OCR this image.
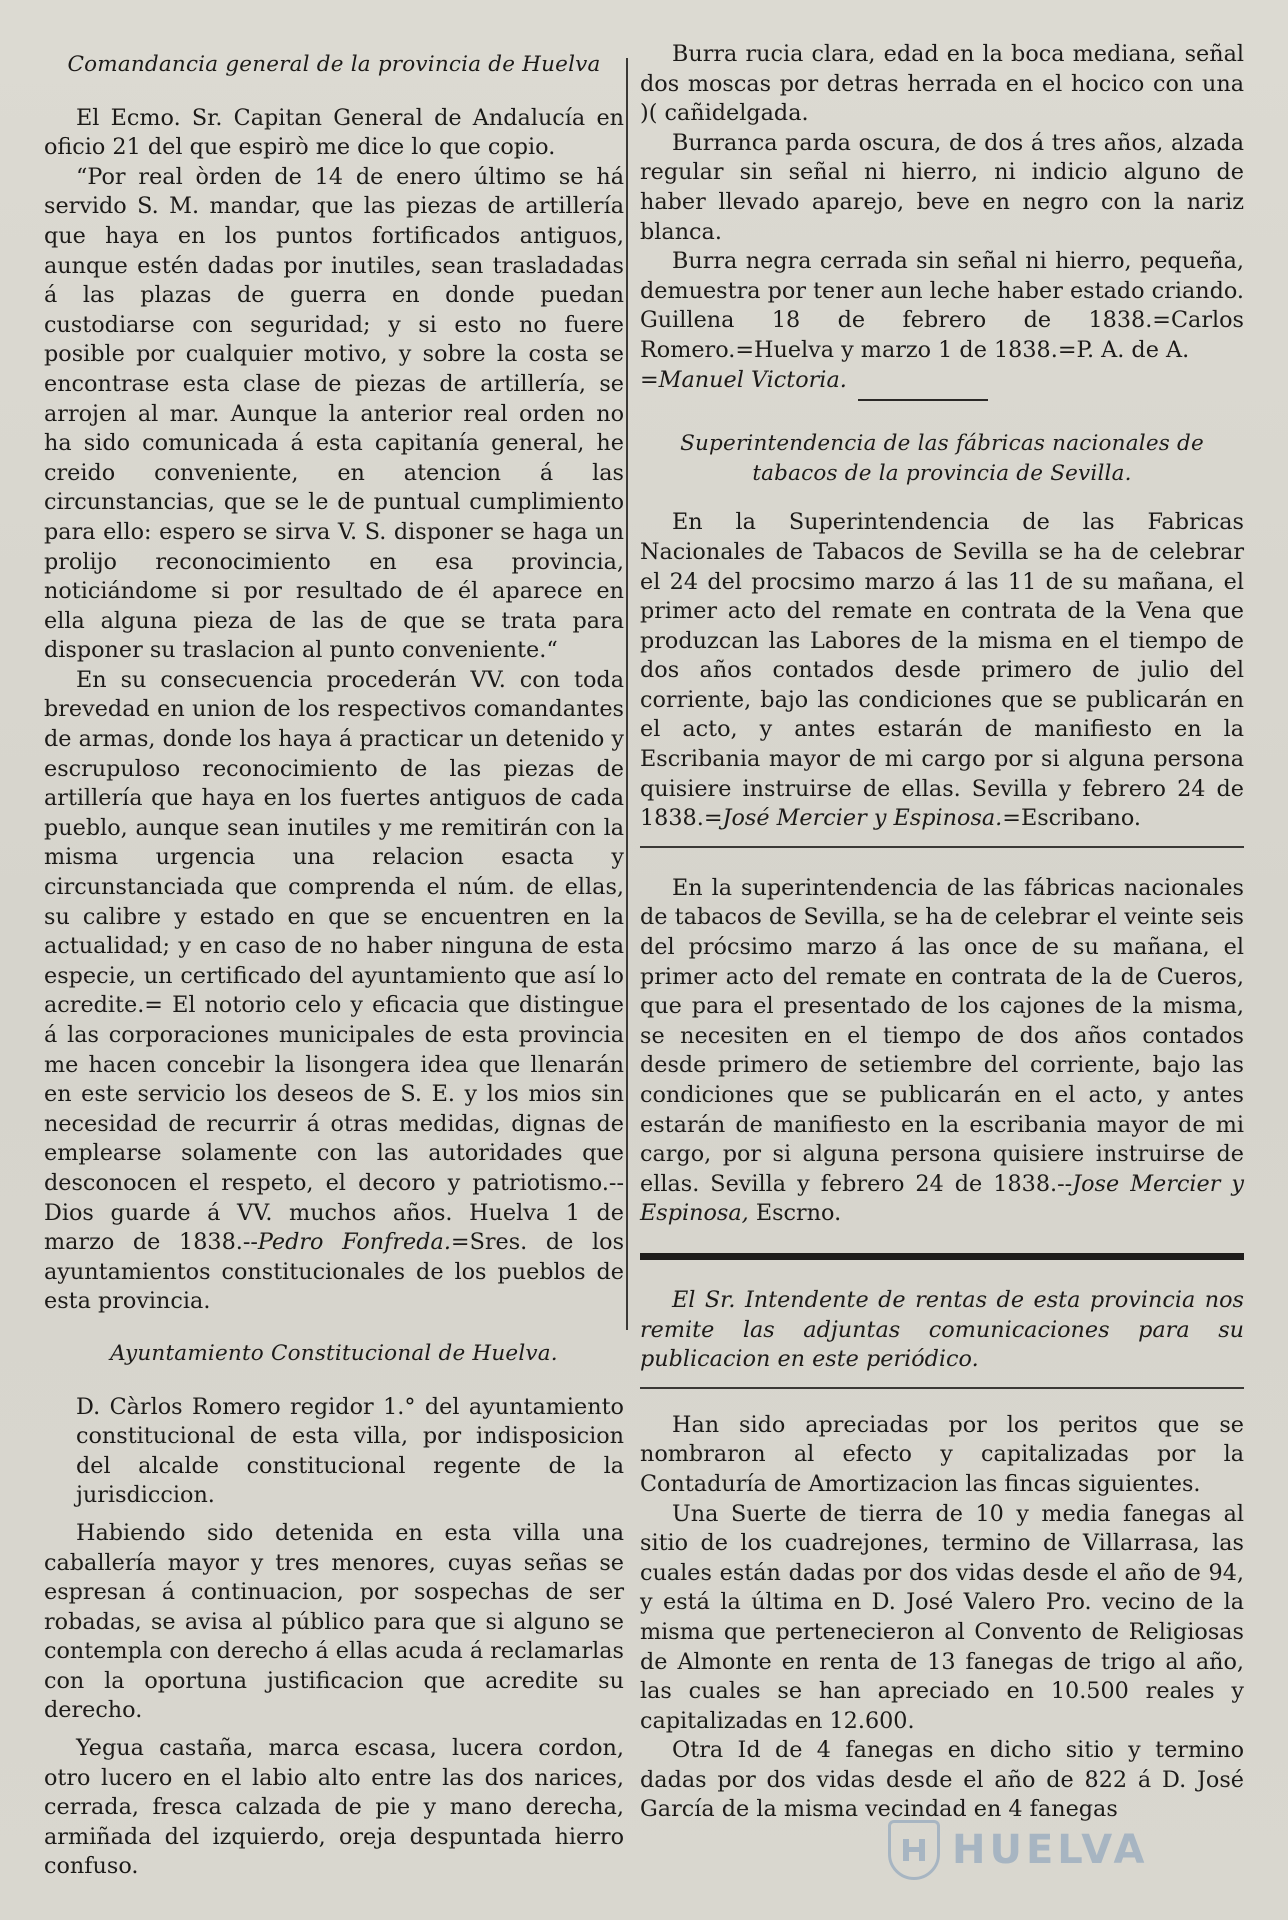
Comandancia general de la provincia de Huelva

El Ecmo. Sr. Capitan General de Andalucía en oficio 21 del que espirò me dice lo que copio.

“Por real òrden de 14 de enero último se há servido S. M. mandar, que las piezas de artillería que haya en los puntos fortificados antiguos, aunque estén dadas por inutiles, sean trasladadas á las plazas de guerra en donde puedan custodiarse con seguridad; y si esto no fuere posible por cualquier motivo, y sobre la costa se encontrase esta clase de piezas de artillería, se arrojen al mar. Aunque la anterior real orden no ha sido comunicada á esta capitanía general, he creido conveniente, en atencion á las circunstancias, que se le de puntual cumplimiento para ello: espero se sirva V. S. disponer se haga un prolijo reconocimiento en esa provincia, noticiándome si por resultado de él aparece en ella alguna pieza de las de que se trata para disponer su traslacion al punto conveniente.“

En su consecuencia procederán VV. con toda brevedad en union de los respectivos comandantes de armas, donde los haya á practicar un detenido y escrupuloso reconocimiento de las piezas de artillería que haya en los fuertes antiguos de cada pueblo, aunque sean inutiles y me remitirán con la misma urgencia una relacion esacta y circunstanciada que comprenda el núm. de ellas, su calibre y estado en que se encuentren en la actualidad; y en caso de no haber ninguna de esta especie, un certificado del ayuntamiento que así lo acredite.= El notorio celo y eficacia que distingue á las corporaciones municipales de esta provincia me hacen concebir la lisongera idea que llenarán en este servicio los deseos de S. E. y los mios sin necesidad de recurrir á otras medidas, dignas de emplearse solamente con las autoridades que desconocen el respeto, el decoro y patriotismo.--Dios guarde á VV. muchos años. Huelva 1 de marzo de 1838.--Pedro Fonfreda.=Sres. de los ayuntamientos constitucionales de los pueblos de esta provincia.

Ayuntamiento Constitucional de Huelva.

D. Càrlos Romero regidor 1.° del ayuntamiento constitucional de esta villa, por indisposicion del alcalde constitucional regente de la jurisdiccion.

Habiendo sido detenida en esta villa una caballería mayor y tres menores, cuyas señas se espresan á continuacion, por sospechas de ser robadas, se avisa al público para que si alguno se contempla con derecho á ellas acuda á reclamarlas con la oportuna justificacion que acredite su derecho.

Yegua castaña, marca escasa, lucera cordon, otro lucero en el labio alto entre las dos narices, cerrada, fresca calzada de pie y mano derecha, armiñada del izquierdo, oreja despuntada hierro confuso.

Burra rucia clara, edad en la boca mediana, señal dos moscas por detras herrada en el hocico con una )( cañidelgada.

Burranca parda oscura, de dos á tres años, alzada regular sin señal ni hierro, ni indicio alguno de haber llevado aparejo, beve en negro con la nariz blanca.

Burra negra cerrada sin señal ni hierro, pequeña, demuestra por tener aun leche haber estado criando. Guillena 18 de febrero de 1838.=Carlos Romero.=Huelva y marzo 1 de 1838.=P. A. de A.

=Manuel Victoria.

Superintendencia de las fábricas nacionales de tabacos de la provincia de Sevilla.

En la Superintendencia de las Fabricas Nacionales de Tabacos de Sevilla se ha de celebrar el 24 del procsimo marzo á las 11 de su mañana, el primer acto del remate en contrata de la Vena que produzcan las Labores de la misma en el tiempo de dos años contados desde primero de julio del corriente, bajo las condiciones que se publicarán en el acto, y antes estarán de manifiesto en la Escribania mayor de mi cargo por si alguna persona quisiere instruirse de ellas. Sevilla y febrero 24 de 1838.=José Mercier y Espinosa.=Escribano.

En la superintendencia de las fábricas nacionales de tabacos de Sevilla, se ha de celebrar el veinte seis del prócsimo marzo á las once de su mañana, el primer acto del remate en contrata de la de Cueros, que para el presentado de los cajones de la misma, se necesiten en el tiempo de dos años contados desde primero de setiembre del corriente, bajo las condiciones que se publicarán en el acto, y antes estarán de manifiesto en la escribania mayor de mi cargo, por si alguna persona quisiere instruirse de ellas. Sevilla y febrero 24 de 1838.--Jose Mercier y Espinosa, Escrno.

El Sr. Intendente de rentas de esta provincia nos remite las adjuntas comunicaciones para su publicacion en este periódico.

Han sido apreciadas por los peritos que se nombraron al efecto y capitalizadas por la Contaduría de Amortizacion las fincas siguientes.

Una Suerte de tierra de 10 y media fanegas al sitio de los cuadrejones, termino de Villarrasa, las cuales están dadas por dos vidas desde el año de 94, y está la última en D. José Valero Pro. vecino de la misma que pertenecieron al Convento de Religiosas de Almonte en renta de 13 fanegas de trigo al año, las cuales se han apreciado en 10.500 reales y capitalizadas en 12.600.

Otra Id de 4 fanegas en dicho sitio y termino dadas por dos vidas desde el año de 822 á D. José García de la misma vecindad en 4 fanegas

HUELVA
